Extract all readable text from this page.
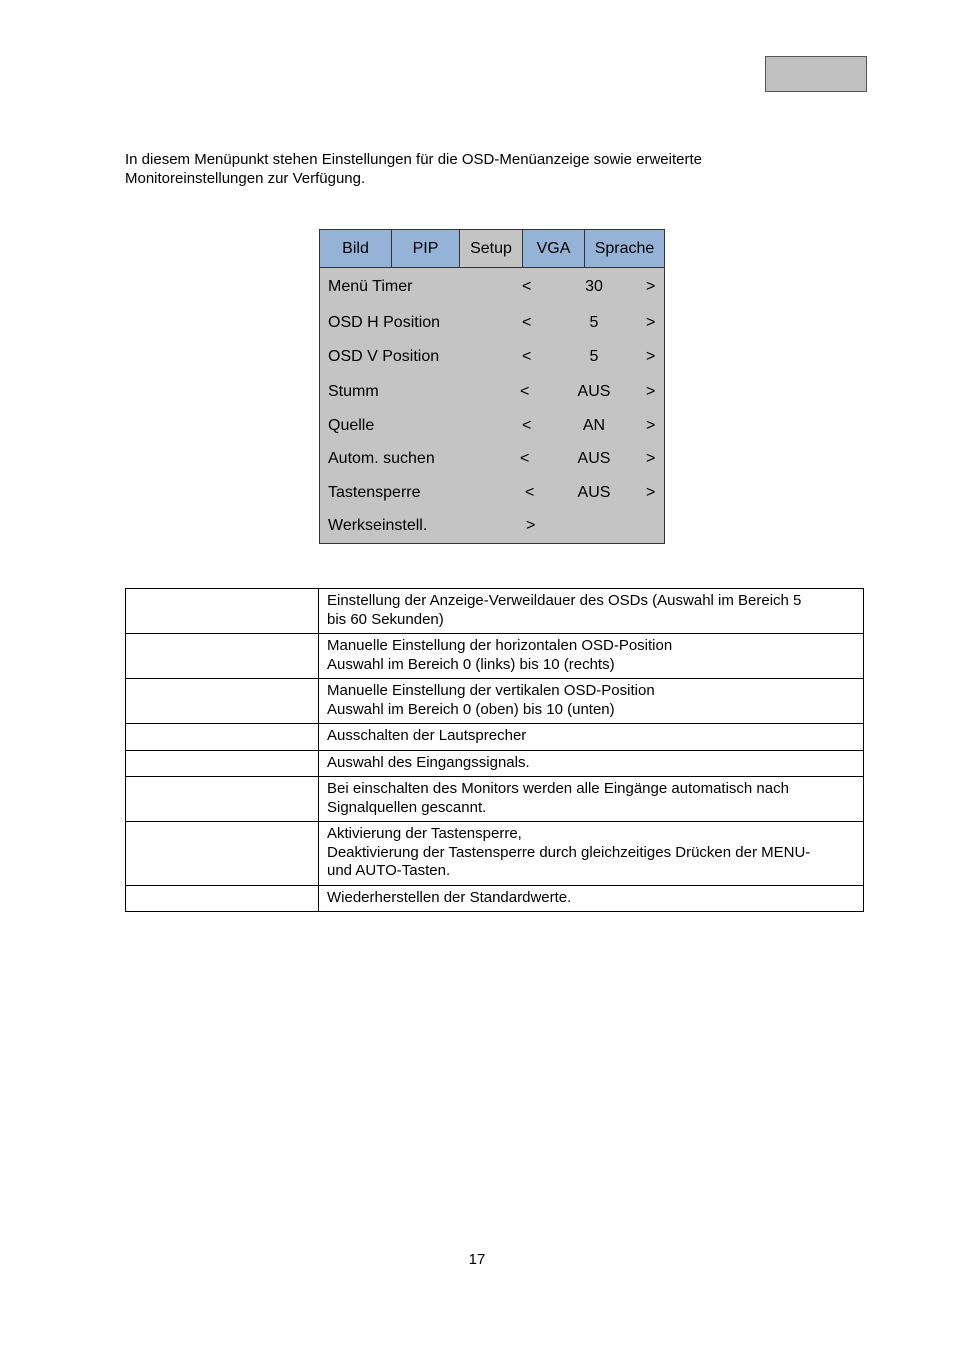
In diesem Menüpunkt stehen Einstellungen für die OSD-Menüanzeige sowie erweiterte
Monitoreinstellungen zur Verfügung.
Bild	PIP	Setup	VGA	Sprache
Menü Timer	<	30	>
OSD H Position	<	5	>
OSD V Position	<	5	>
Stumm	<	AUS	>
Quelle	<	AN	>
Autom. suchen	<	AUS	>
Tastensperre	<	AUS	>
Werkseinstell.	>

	Einstellung der Anzeige-Verweildauer des OSDs (Auswahl im Bereich 5
bis 60 Sekunden)

	Manuelle Einstellung der horizontalen OSD-Position
Auswahl im Bereich 0 (links) bis 10 (rechts)

	Manuelle Einstellung der vertikalen OSD-Position
Auswahl im Bereich 0 (oben) bis 10 (unten)

	Ausschalten der Lautsprecher

	Auswahl des Eingangssignals.

	Bei einschalten des Monitors werden alle Eingänge automatisch nach
Signalquellen gescannt.

	Aktivierung der Tastensperre,
Deaktivierung der Tastensperre durch gleichzeitiges Drücken der MENU-
und AUTO-Tasten.

	Wiederherstellen der Standardwerte.
17
